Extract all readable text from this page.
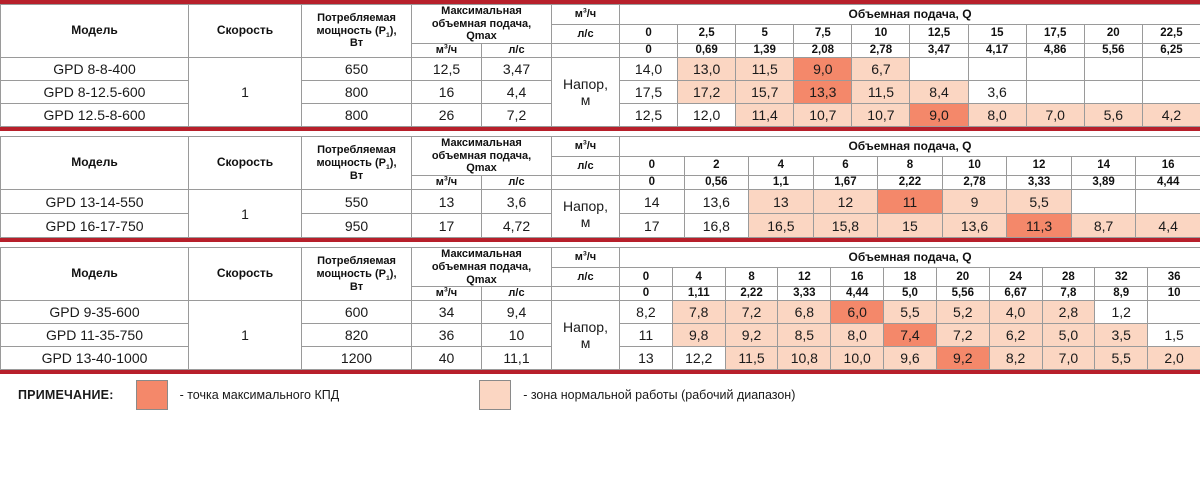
Модель	Скорость	Потребляемая
мощность $(P_1)$,
Вт	Максимальная
объемная подача,
Qmax		$м^3/ч$	Объемная подача, Q									
					л/с	0	2,5	5	7,5	10	12,5	15	17,5	20	22,5
			$м^3/ч$	л/с		0	0,69	1,39	2,08	2,78	3,47	4,17	4,86	5,56	6,25
GPD 8-8-400	1	650	12,5	3,47	Напор,
м	14,0	13,0	11,5	9,0	6,7					
GPD 8-12.5-600		800	16	4,4		17,5	17,2	15,7	13,3	11,5	8,4	3,6			
GPD 12.5-8-600		800	26	7,2		12,5	12,0	11,4	10,7	10,7	9,0	8,0	7,0	5,6	4,2
Модель	Скорость	Потребляемая
мощность $(P_1)$,
Вт	Максимальная
объемная подача,
Qmax		$м^3/ч$	Объемная подача, Q								
					л/с	0	2	4	6	8	10	12	14	16
			$м^3/ч$	л/с		0	0,56	1,1	1,67	2,22	2,78	3,33	3,89	4,44
GPD 13-14-550	1	550	13	3,6	Напор,
м	14	13,6	13	12	11	9	5,5		
GPD 16-17-750		950	17	4,72		17	16,8	16,5	15,8	15	13,6	11,3	8,7	4,4
Модель	Скорость	Потребляемая
мощность $(P_1)$,
Вт	Максимальная
объемная подача,
Qmax		$м^3/ч$	Объемная подача, Q										
					л/с	0	4	8	12	16	18	20	24	28	32	36
			$м^3/ч$	л/с		0	1,11	2,22	3,33	4,44	5,0	5,56	6,67	7,8	8,9	10
GPD 9-35-600	1	600	34	9,4	Напор,
м	8,2	7,8	7,2	6,8	6,0	5,5	5,2	4,0	2,8	1,2	
GPD 11-35-750		820	36	10		11	9,8	9,2	8,5	8,0	7,4	7,2	6,2	5,0	3,5	1,5
GPD 13-40-1000		1200	40	11,1		13	12,2	11,5	10,8	10,0	9,6	9,2	8,2	7,0	5,5	2,0
ПРИМЕЧАНИЕ:	- точка максимального КПД	- зона нормальной работы (рабочий диапазон)
